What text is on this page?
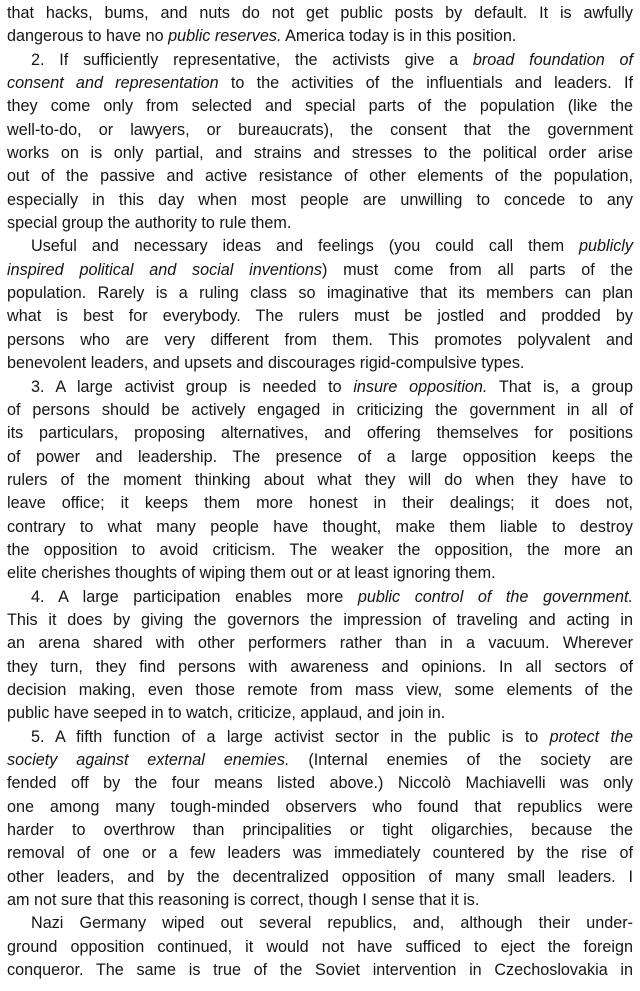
that hacks, bums, and nuts do not get public posts by default. It is awfully
dangerous to have no public reserves. America today is in this position.
2. If sufficiently representative, the activists give a broad foundation of
consent and representation to the activities of the influentials and leaders. If
they come only from selected and special parts of the population (like the
well-to-do, or lawyers, or bureaucrats), the consent that the government
works on is only partial, and strains and stresses to the political order arise
out of the passive and active resistance of other elements of the population,
especially in this day when most people are unwilling to concede to any
special group the authority to rule them.
Useful and necessary ideas and feelings (you could call them publicly
inspired political and social inventions) must come from all parts of the
population. Rarely is a ruling class so imaginative that its members can plan
what is best for everybody. The rulers must be jostled and prodded by
persons who are very different from them. This promotes polyvalent and
benevolent leaders, and upsets and discourages rigid-compulsive types.
3. A large activist group is needed to insure opposition. That is, a group
of persons should be actively engaged in criticizing the government in all of
its particulars, proposing alternatives, and offering themselves for positions
of power and leadership. The presence of a large opposition keeps the
rulers of the moment thinking about what they will do when they have to
leave office; it keeps them more honest in their dealings; it does not,
contrary to what many people have thought, make them liable to destroy
the opposition to avoid criticism. The weaker the opposition, the more an
elite cherishes thoughts of wiping them out or at least ignoring them.
4. A large participation enables more public control of the government.
This it does by giving the governors the impression of traveling and acting in
an arena shared with other performers rather than in a vacuum. Wherever
they turn, they find persons with awareness and opinions. In all sectors of
decision making, even those remote from mass view, some elements of the
public have seeped in to watch, criticize, applaud, and join in.
5. A fifth function of a large activist sector in the public is to protect the
society against external enemies. (Internal enemies of the society are
fended off by the four means listed above.) Niccolò Machiavelli was only
one among many tough-minded observers who found that republics were
harder to overthrow than principalities or tight oligarchies, because the
removal of one or a few leaders was immediately countered by the rise of
other leaders, and by the decentralized opposition of many small leaders. I
am not sure that this reasoning is correct, though I sense that it is.
Nazi Germany wiped out several republics, and, although their under-
ground opposition continued, it would not have sufficed to eject the foreign
conqueror. The same is true of the Soviet intervention in Czechoslovakia in
